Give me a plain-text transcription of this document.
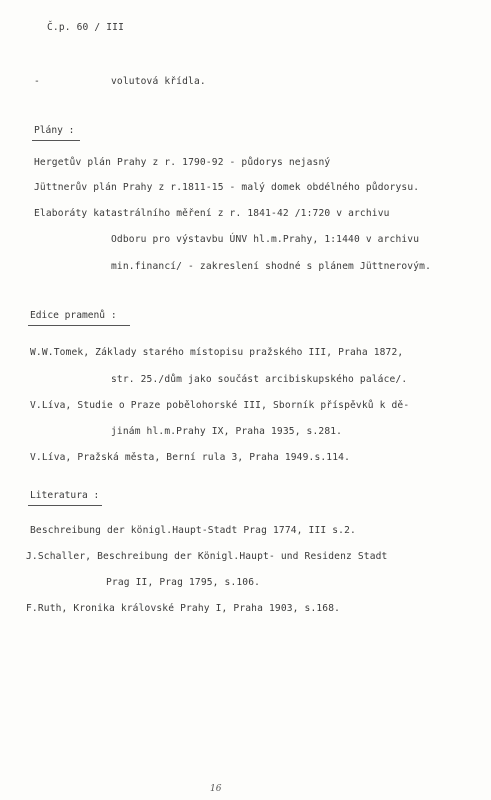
Č.p. 60 / III
-	volutová křídla.
Plány :
Hergetův plán Prahy z r. 1790-92 - půdorys nejasný
Jüttnerův plán Prahy z r.1811-15 - malý domek obdélného půdorysu.
Elaboráty katastrálního měření z r. 1841-42 /1:720 v archivu
Odboru pro výstavbu ÚNV hl.m.Prahy, 1:1440 v archivu
min.financí/ - zakreslení shodné s plánem Jüttnerovým.
Edice pramenů :
W.W.Tomek, Základy starého místopisu pražského III, Praha 1872,
str. 25./dům jako součást arcibiskupského paláce/.
V.Líva, Studie o Praze pobělohorské III, Sborník příspěvků k dě-
jinám hl.m.Prahy IX, Praha 1935, s.281.
V.Líva, Pražská města, Berní rula 3, Praha 1949.s.114.
Literatura :
Beschreibung der königl.Haupt-Stadt Prag 1774, III s.2.
J.Schaller, Beschreibung der Königl.Haupt- und Residenz Stadt
Prag II, Prag 1795, s.106.
F.Ruth, Kronika královské Prahy I, Praha 1903, s.168.
16
